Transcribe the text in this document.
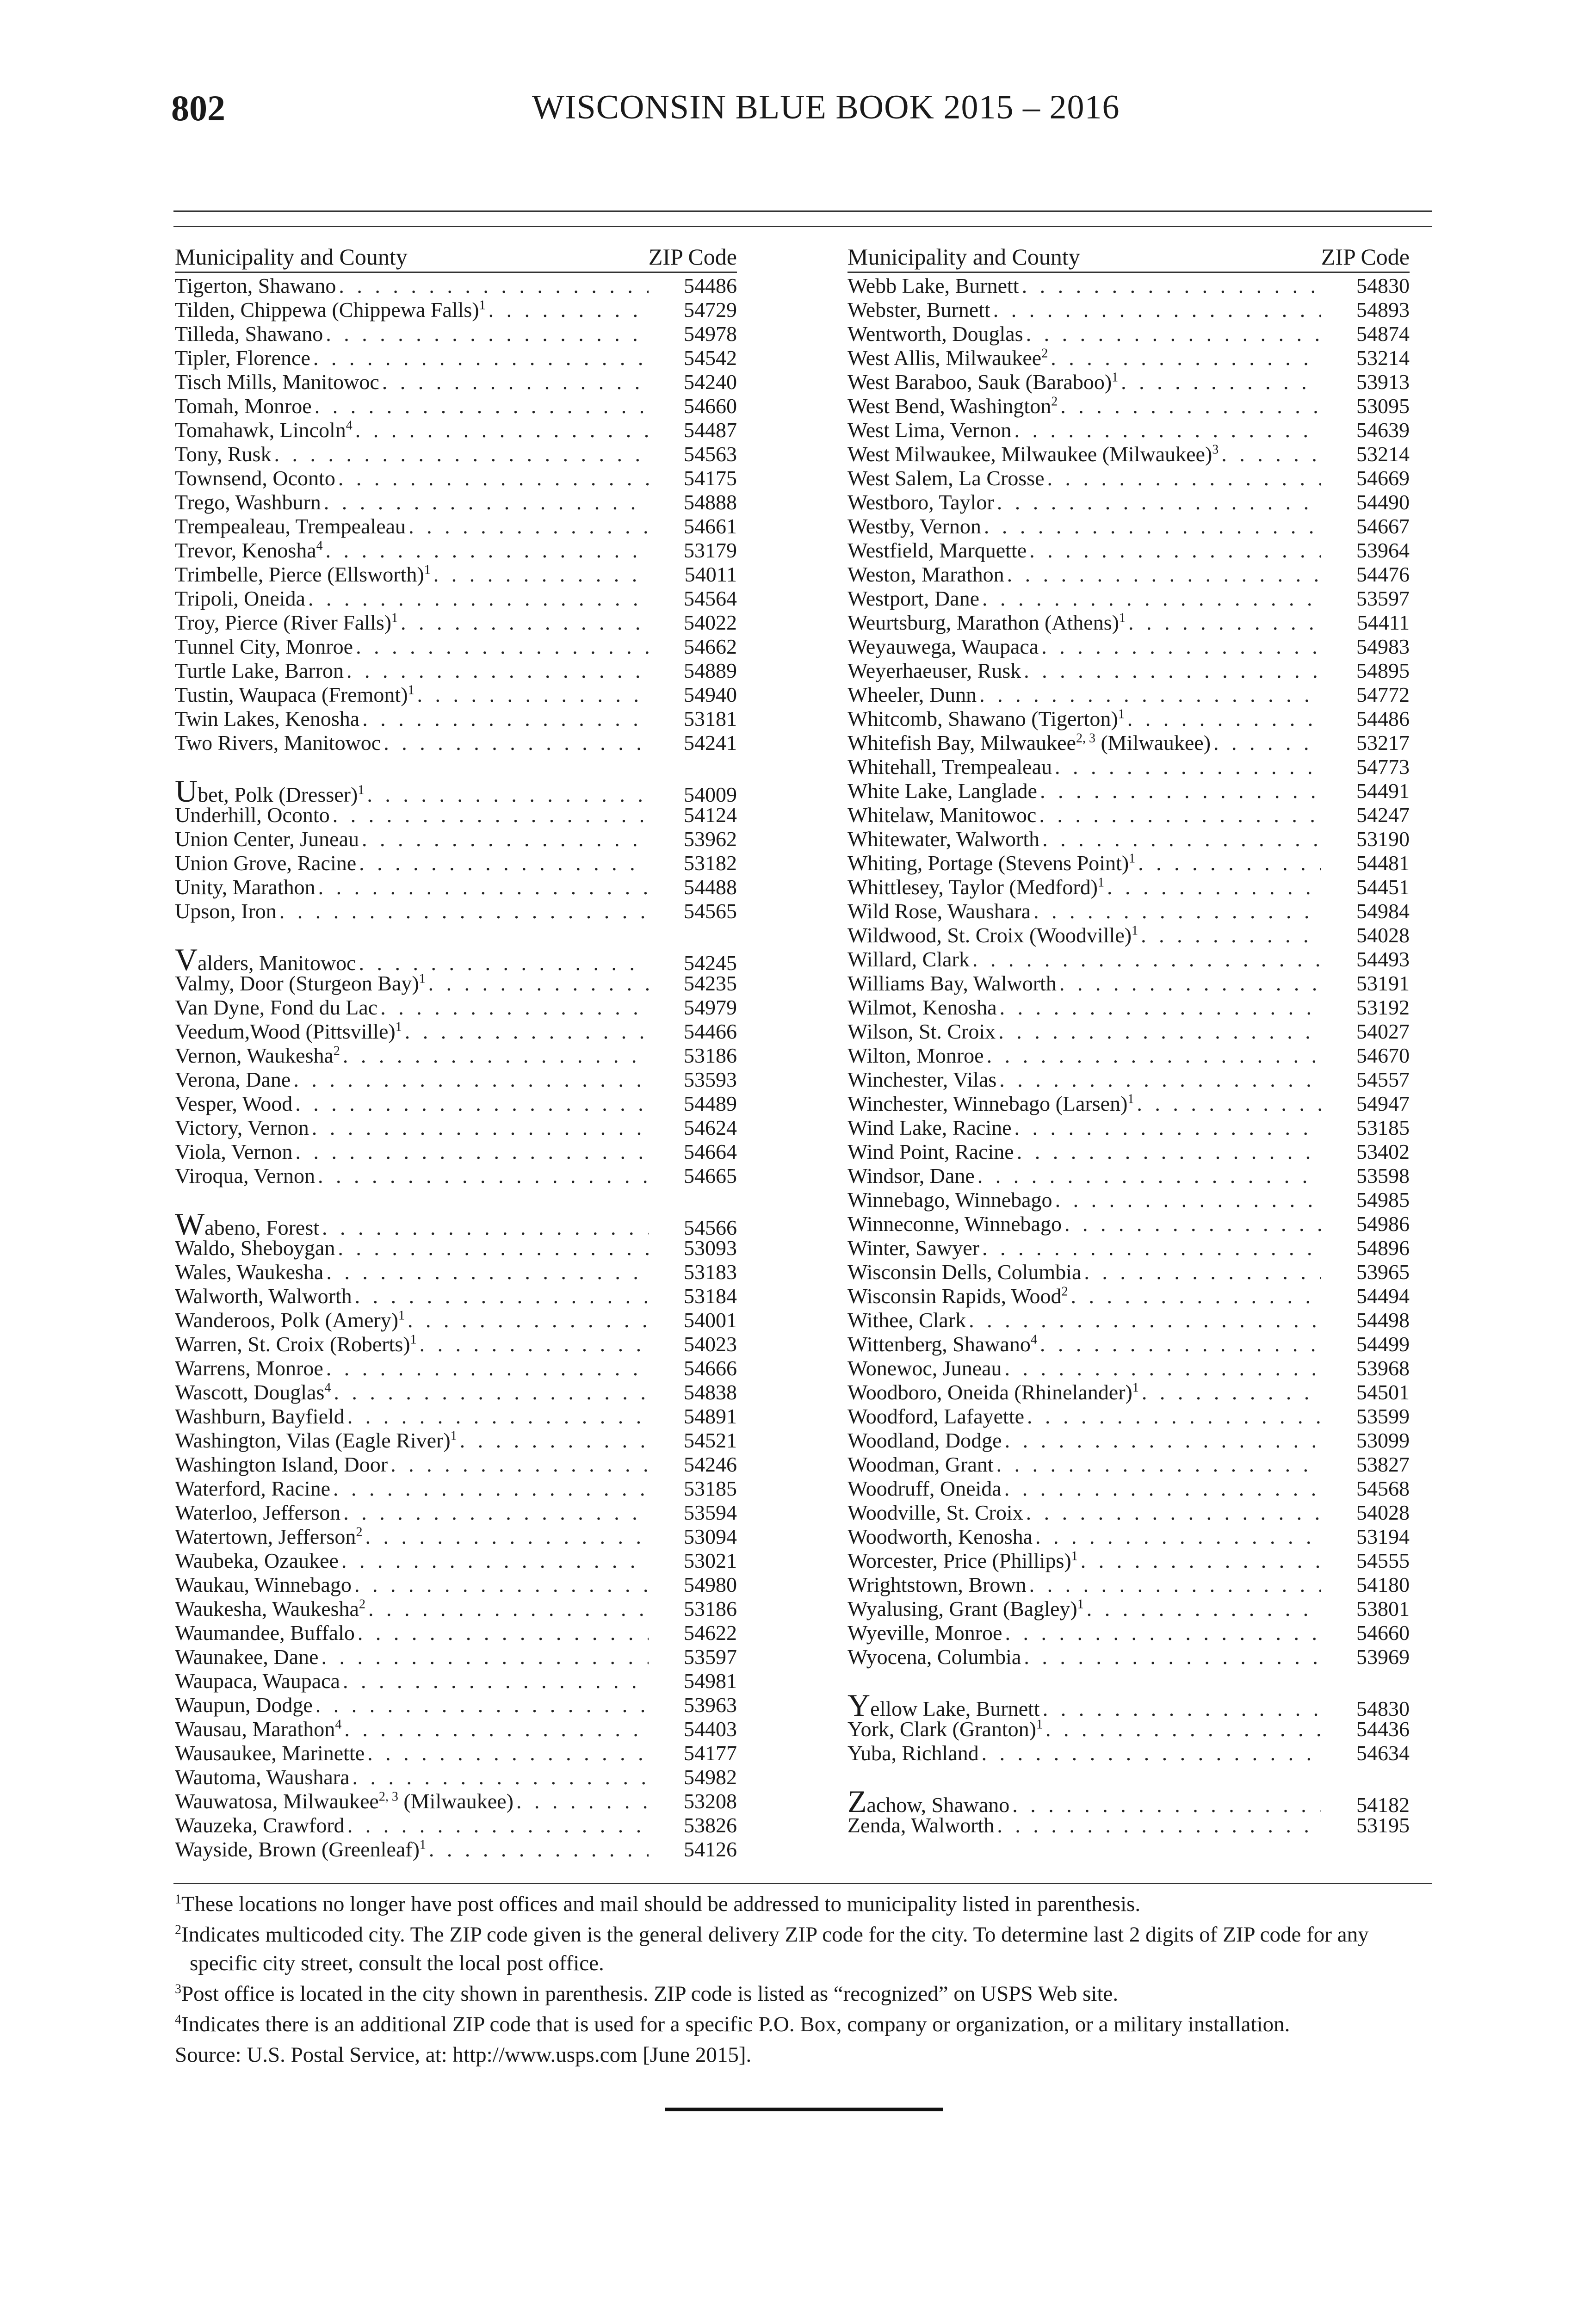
802	WISCONSIN BLUE BOOK 2015 – 2016
Municipality and County	ZIP Code
Tigerton, Shawano . . .	54486
Tilden, Chippewa (Chippewa Falls)$^1$ . . .	54729
Tilleda, Shawano . . .	54978
Tipler, Florence . . .	54542
Tisch Mills, Manitowoc . . .	54240
Tomah, Monroe . . .	54660
Tomahawk, Lincoln$^4$ . . .	54487
Tony, Rusk . . .	54563
Townsend, Oconto . . .	54175
Trego, Washburn . . .	54888
Trempealeau, Trempealeau . . .	54661
Trevor, Kenosha$^4$ . . .	53179
Trimbelle, Pierce (Ellsworth)$^1$ . . .	54011
Tripoli, Oneida . . .	54564
Troy, Pierce (River Falls)$^1$ . . .	54022
Tunnel City, Monroe . . .	54662
Turtle Lake, Barron . . .	54889
Tustin, Waupaca (Fremont)$^1$ . . .	54940
Twin Lakes, Kenosha . . .	53181
Two Rivers, Manitowoc . . .	54241
Ubet, Polk (Dresser)$^1$ . . .	54009
Underhill, Oconto . . .	54124
Union Center, Juneau . . .	53962
Union Grove, Racine . . .	53182
Unity, Marathon . . .	54488
Upson, Iron . . .	54565
Valders, Manitowoc . . .	54245
Valmy, Door (Sturgeon Bay)$^1$ . . .	54235
Van Dyne, Fond du Lac . . .	54979
Veedum,Wood (Pittsville)$^1$ . . .	54466
Vernon, Waukesha$^2$ . . .	53186
Verona, Dane . . .	53593
Vesper, Wood . . .	54489
Victory, Vernon . . .	54624
Viola, Vernon . . .	54664
Viroqua, Vernon . . .	54665
Wabeno, Forest . . .	54566
Waldo, Sheboygan . . .	53093
Wales, Waukesha . . .	53183
Walworth, Walworth . . .	53184
Wanderoos, Polk (Amery)$^1$ . . .	54001
Warren, St. Croix (Roberts)$^1$ . . .	54023
Warrens, Monroe . . .	54666
Wascott, Douglas$^4$ . . .	54838
Washburn, Bayfield . . .	54891
Washington, Vilas (Eagle River)$^1$ . . .	54521
Washington Island, Door . . .	54246
Waterford, Racine . . .	53185
Waterloo, Jefferson . . .	53594
Watertown, Jefferson$^2$ . . .	53094
Waubeka, Ozaukee . . .	53021
Waukau, Winnebago . . .	54980
Waukesha, Waukesha$^2$ . . .	53186
Waumandee, Buffalo . . .	54622
Waunakee, Dane . . .	53597
Waupaca, Waupaca . . .	54981
Waupun, Dodge . . .	53963
Wausau, Marathon$^4$ . . .	54403
Wausaukee, Marinette . . .	54177
Wautoma, Waushara . . .	54982
Wauwatosa, Milwaukee$^{2, 3}$ (Milwaukee) . . .	53208
Wauzeka, Crawford . . .	53826
Wayside, Brown (Greenleaf)$^1$ . . .	54126
Municipality and County	ZIP Code
Webb Lake, Burnett . . .	54830
Webster, Burnett . . .	54893
Wentworth, Douglas . . .	54874
West Allis, Milwaukee$^2$ . . .	53214
West Baraboo, Sauk (Baraboo)$^1$ . . .	53913
West Bend, Washington$^2$ . . .	53095
West Lima, Vernon . . .	54639
West Milwaukee, Milwaukee (Milwaukee)$^3$ . . .	53214
West Salem, La Crosse . . .	54669
Westboro, Taylor . . .	54490
Westby, Vernon . . .	54667
Westfield, Marquette . . .	53964
Weston, Marathon . . .	54476
Westport, Dane . . .	53597
Weurtsburg, Marathon (Athens)$^1$ . . .	54411
Weyauwega, Waupaca . . .	54983
Weyerhaeuser, Rusk . . .	54895
Wheeler, Dunn . . .	54772
Whitcomb, Shawano (Tigerton)$^1$ . . .	54486
Whitefish Bay, Milwaukee$^{2, 3}$ (Milwaukee) . . .	53217
Whitehall, Trempealeau . . .	54773
White Lake, Langlade . . .	54491
Whitelaw, Manitowoc . . .	54247
Whitewater, Walworth . . .	53190
Whiting, Portage (Stevens Point)$^1$ . . .	54481
Whittlesey, Taylor (Medford)$^1$ . . .	54451
Wild Rose, Waushara . . .	54984
Wildwood, St. Croix (Woodville)$^1$ . . .	54028
Willard, Clark . . .	54493
Williams Bay, Walworth . . .	53191
Wilmot, Kenosha . . .	53192
Wilson, St. Croix . . .	54027
Wilton, Monroe . . .	54670
Winchester, Vilas . . .	54557
Winchester, Winnebago (Larsen)$^1$ . . .	54947
Wind Lake, Racine . . .	53185
Wind Point, Racine . . .	53402
Windsor, Dane . . .	53598
Winnebago, Winnebago . . .	54985
Winneconne, Winnebago . . .	54986
Winter, Sawyer . . .	54896
Wisconsin Dells, Columbia . . .	53965
Wisconsin Rapids, Wood$^2$ . . .	54494
Withee, Clark . . .	54498
Wittenberg, Shawano$^4$ . . .	54499
Wonewoc, Juneau . . .	53968
Woodboro, Oneida (Rhinelander)$^1$ . . .	54501
Woodford, Lafayette . . .	53599
Woodland, Dodge . . .	53099
Woodman, Grant . . .	53827
Woodruff, Oneida . . .	54568
Woodville, St. Croix . . .	54028
Woodworth, Kenosha . . .	53194
Worcester, Price (Phillips)$^1$ . . .	54555
Wrightstown, Brown . . .	54180
Wyalusing, Grant (Bagley)$^1$ . . .	53801
Wyeville, Monroe . . .	54660
Wyocena, Columbia . . .	53969
Yellow Lake, Burnett . . .	54830
York, Clark (Granton)$^1$ . . .	54436
Yuba, Richland . . .	54634
Zachow, Shawano . . .	54182
Zenda, Walworth . . .	53195
$^1$These locations no longer have post offices and mail should be addressed to municipality listed in parenthesis.
$^2$Indicates multicoded city. The ZIP code given is the general delivery ZIP code for the city. To determine last 2 digits of ZIP code for any specific city street, consult the local post office.
$^3$Post office is located in the city shown in parenthesis. ZIP code is listed as “recognized” on USPS Web site.
$^4$Indicates there is an additional ZIP code that is used for a specific P.O. Box, company or organization, or a military installation.
Source: U.S. Postal Service, at: http://www.usps.com [June 2015].
